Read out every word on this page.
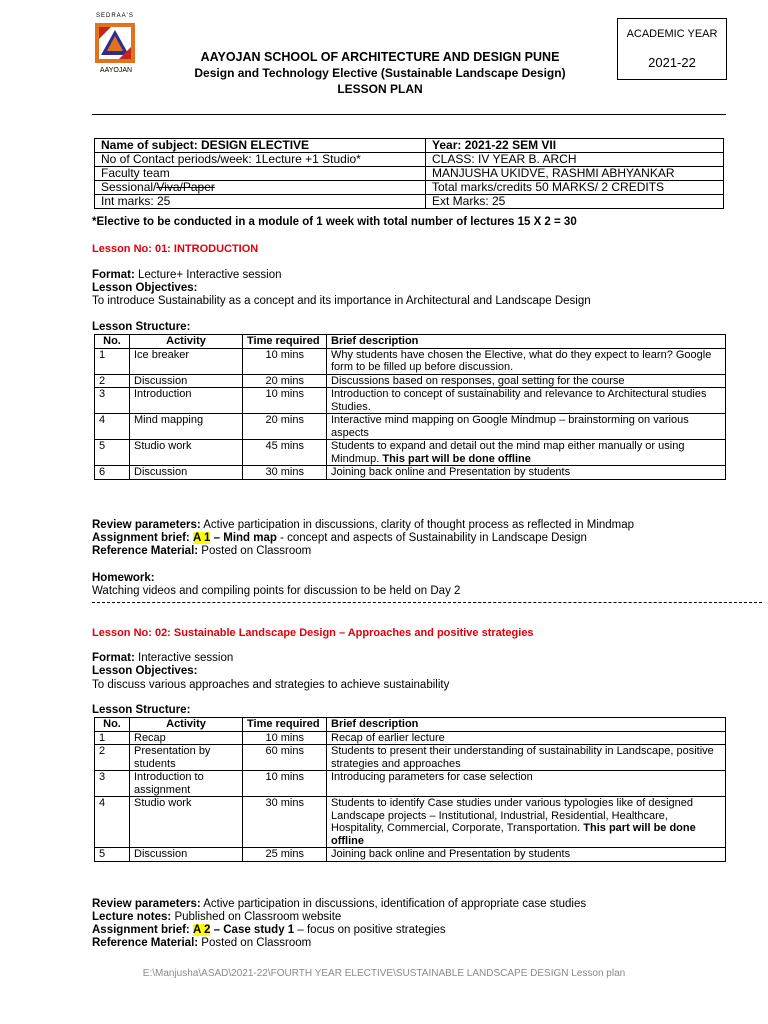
SEDRAA'S
AAYOJAN
AAYOJAN SCHOOL OF ARCHITECTURE AND DESIGN PUNE
Design and Technology Elective (Sustainable Landscape Design)
LESSON PLAN
ACADEMIC YEAR
2021-22
Name of subject: DESIGN ELECTIVE	Year: 2021-22 SEM VII
No of Contact periods/week: 1Lecture +1 Studio*	CLASS: IV YEAR B. ARCH
Faculty team	MANJUSHA UKIDVE, RASHMI ABHYANKAR
Sessional/Viva/Paper	Total marks/credits 50 MARKS/ 2 CREDITS
Int marks: 25	Ext Marks: 25
*Elective to be conducted in a module of 1 week with total number of lectures 15 X 2 = 30
Lesson No: 01: INTRODUCTION
Format: Lecture+ Interactive session
Lesson Objectives:
To introduce Sustainability as a concept and its importance in Architectural and Landscape Design
Lesson Structure:
No.	Activity	Time required	Brief description
1	Ice breaker	10 mins	Why students have chosen the Elective, what do they expect to learn? Google form to be filled up before discussion.
2	Discussion	20 mins	Discussions based on responses, goal setting for the course
3	Introduction	10 mins	Introduction to concept of sustainability and relevance to Architectural studies Studies.
4	Mind mapping	20 mins	Interactive mind mapping on Google Mindmup – brainstorming on various aspects
5	Studio work	45 mins	Students to expand and detail out the mind map either manually or using Mindmup. This part will be done offline
6	Discussion	30 mins	Joining back online and Presentation by students
Review parameters: Active participation in discussions, clarity of thought process as reflected in Mindmap
Assignment brief: A 1 – Mind map - concept and aspects of Sustainability in Landscape Design
Reference Material: Posted on Classroom
Homework:
Watching videos and compiling points for discussion to be held on Day 2
Lesson No: 02: Sustainable Landscape Design – Approaches and positive strategies
Format: Interactive session
Lesson Objectives:
To discuss various approaches and strategies to achieve sustainability
Lesson Structure:
No.	Activity	Time required	Brief description
1	Recap	10 mins	Recap of earlier lecture
2	Presentation by students	60 mins	Students to present their understanding of sustainability in Landscape, positive strategies and approaches
3	Introduction to assignment	10 mins	Introducing parameters for case selection
4	Studio work	30 mins	Students to identify Case studies under various typologies like of designed Landscape projects – Institutional, Industrial, Residential, Healthcare, Hospitality, Commercial, Corporate, Transportation. This part will be done offline
5	Discussion	25 mins	Joining back online and Presentation by students
Review parameters: Active participation in discussions, identification of appropriate case studies
Lecture notes: Published on Classroom website
Assignment brief: A 2 – Case study 1 – focus on positive strategies
Reference Material: Posted on Classroom
E:\Manjusha\ASAD\2021-22\FOURTH YEAR ELECTIVE\SUSTAINABLE LANDSCAPE DESIGN Lesson plan
